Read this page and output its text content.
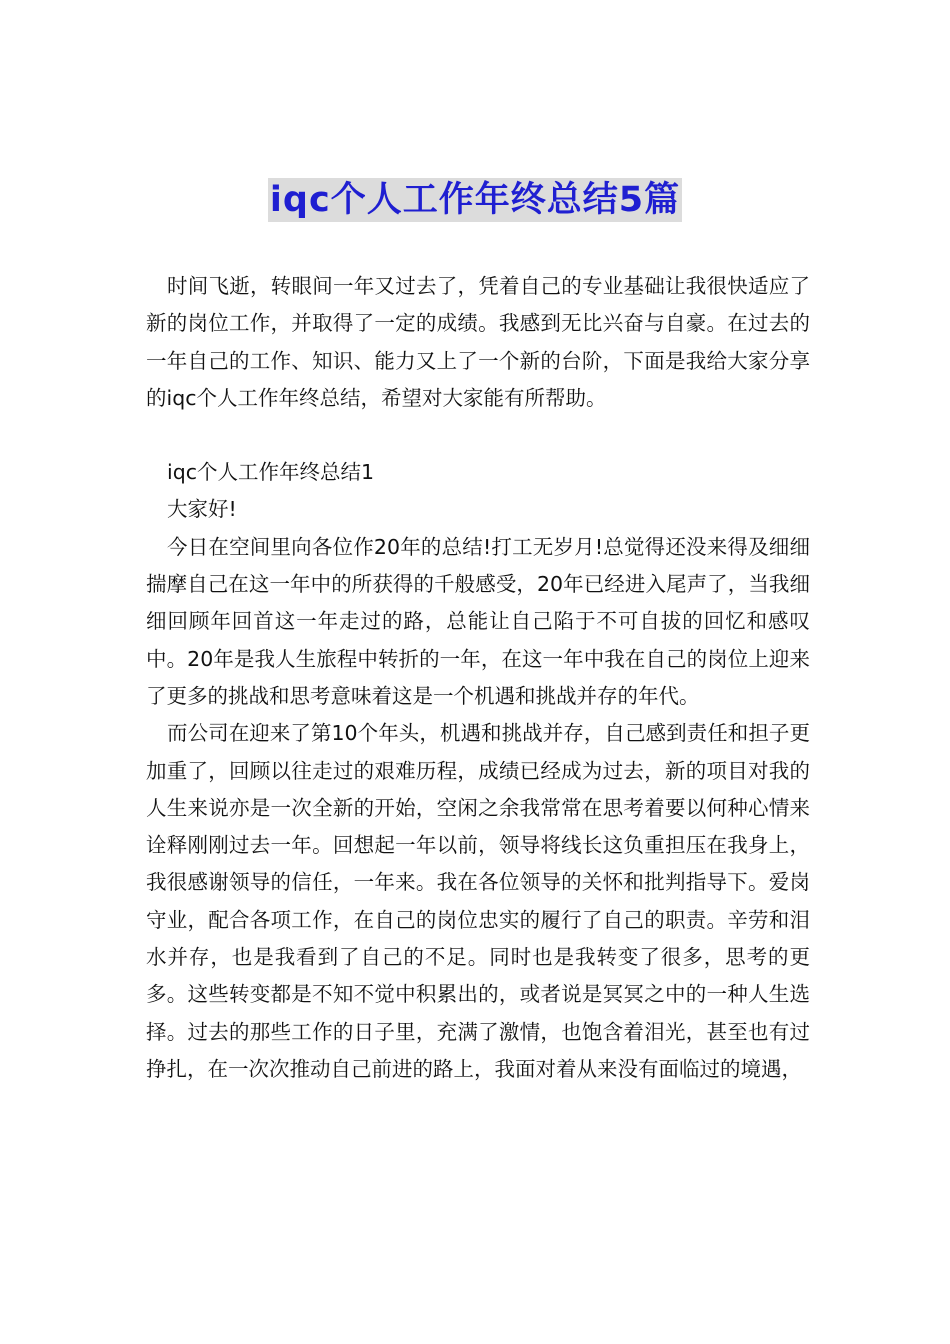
iqc个人工作年终总结5篇

时间飞逝，转眼间一年又过去了，凭着自己的专业基础让我很快适应了新的岗位工作，并取得了一定的成绩。我感到无比兴奋与自豪。在过去的一年自己的工作、知识、能力又上了一个新的台阶，下面是我给大家分享的iqc个人工作年终总结，希望对大家能有所帮助。

iqc个人工作年终总结1

大家好!

今日在空间里向各位作20年的总结!打工无岁月!总觉得还没来得及细细揣摩自己在这一年中的所获得的千般感受，20年已经进入尾声了，当我细细回顾年回首这一年走过的路，总能让自己陷于不可自拔的回忆和感叹中。20年是我人生旅程中转折的一年，在这一年中我在自己的岗位上迎来了更多的挑战和思考意味着这是一个机遇和挑战并存的年代。

而公司在迎来了第10个年头，机遇和挑战并存，自己感到责任和担子更加重了，回顾以往走过的艰难历程，成绩已经成为过去，新的项目对我的人生来说亦是一次全新的开始，空闲之余我常常在思考着要以何种心情来诠释刚刚过去一年。回想起一年以前，领导将线长这负重担压在我身上，我很感谢领导的信任，一年来。我在各位领导的关怀和批判指导下。爱岗守业，配合各项工作，在自己的岗位忠实的履行了自己的职责。辛劳和泪水并存，也是我看到了自己的不足。同时也是我转变了很多，思考的更多。这些转变都是不知不觉中积累出的，或者说是冥冥之中的一种人生选择。过去的那些工作的日子里，充满了激情，也饱含着泪光，甚至也有过挣扎，在一次次推动自己前进的路上，我面对着从来没有面临过的境遇，
